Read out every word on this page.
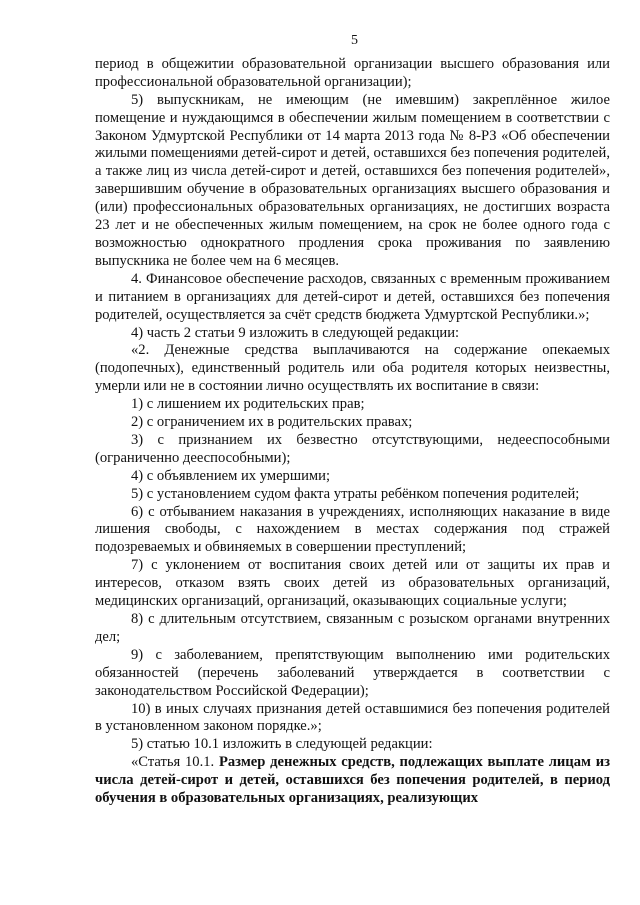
5

период в общежитии образовательной организации высшего образования или профессиональной образовательной организации);

5) выпускникам, не имеющим (не имевшим) закреплённое жилое помещение и нуждающимся в обеспечении жилым помещением в соответствии с Законом Удмуртской Республики от 14 марта 2013 года № 8-РЗ «Об обеспечении жилыми помещениями детей-сирот и детей, оставшихся без попечения родителей, а также лиц из числа детей-сирот и детей, оставшихся без попечения родителей», завершившим обучение в образовательных организациях высшего образования и (или) профессиональных образовательных организациях, не достигших возраста 23 лет и не обеспеченных жилым помещением, на срок не более одного года с возможностью однократного продления срока проживания по заявлению выпускника не более чем на 6 месяцев.

4. Финансовое обеспечение расходов, связанных с временным проживанием и питанием в организациях для детей-сирот и детей, оставшихся без попечения родителей, осуществляется за счёт средств бюджета Удмуртской Республики.»;

4) часть 2 статьи 9 изложить в следующей редакции:

«2. Денежные средства выплачиваются на содержание опекаемых (подопечных), единственный родитель или оба родителя которых неизвестны, умерли или не в состоянии лично осуществлять их воспитание в связи:

1) с лишением их родительских прав;

2) с ограничением их в родительских правах;

3) с признанием их безвестно отсутствующими, недееспособными (ограниченно дееспособными);

4) с объявлением их умершими;

5) с установлением судом факта утраты ребёнком попечения родителей;

6) с отбыванием наказания в учреждениях, исполняющих наказание в виде лишения свободы, с нахождением в местах содержания под стражей подозреваемых и обвиняемых в совершении преступлений;

7) с уклонением от воспитания своих детей или от защиты их прав и интересов, отказом взять своих детей из образовательных организаций, медицинских организаций, организаций, оказывающих социальные услуги;

8) с длительным отсутствием, связанным с розыском органами внутренних дел;

9) с заболеванием, препятствующим выполнению ими родительских обязанностей (перечень заболеваний утверждается в соответствии с законодательством Российской Федерации);

10) в иных случаях признания детей оставшимися без попечения родителей в установленном законом порядке.»;

5) статью 10.1 изложить в следующей редакции:

«Статья 10.1. Размер денежных средств, подлежащих выплате лицам из числа детей-сирот и детей, оставшихся без попечения родителей, в период обучения в образовательных организациях, реализующих
